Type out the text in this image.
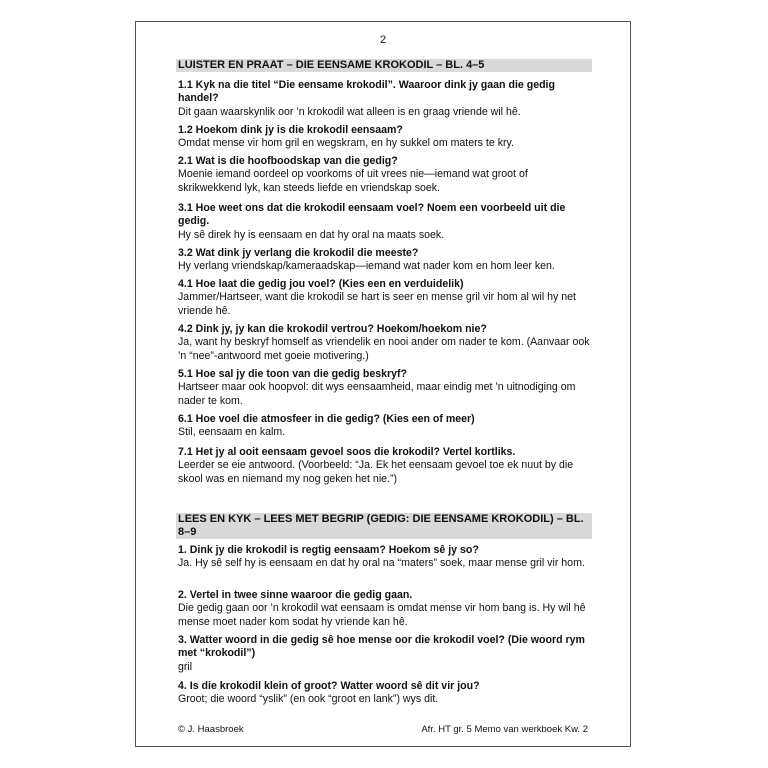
2
LUISTER EN PRAAT – DIE EENSAME KROKODIL – BL. 4–5
1.1 Kyk na die titel “Die eensame krokodil”. Waaroor dink jy gaan die gedig handel?
Dit gaan waarskynlik oor ’n krokodil wat alleen is en graag vriende wil hê.
1.2 Hoekom dink jy is die krokodil eensaam?
Omdat mense vir hom gril en wegskram, en hy sukkel om maters te kry.
2.1 Wat is die hoofboodskap van die gedig?
Moenie iemand oordeel op voorkoms of uit vrees nie—iemand wat groot of skrikwekkend lyk, kan steeds liefde en vriendskap soek.
3.1 Hoe weet ons dat die krokodil eensaam voel? Noem een voorbeeld uit die gedig.
Hy sê direk hy is eensaam en dat hy oral na maats soek.
3.2 Wat dink jy verlang die krokodil die meeste?
Hy verlang vriendskap/kameraadskap—iemand wat nader kom en hom leer ken.
4.1 Hoe laat die gedig jou voel? (Kies een en verduidelik)
Jammer/Hartseer, want die krokodil se hart is seer en mense gril vir hom al wil hy net vriende hê.
4.2 Dink jy, jy kan die krokodil vertrou? Hoekom/hoekom nie?
Ja, want hy beskryf homself as vriendelik en nooi ander om nader te kom. (Aanvaar ook ’n “nee”-antwoord met goeie motivering.)
5.1 Hoe sal jy die toon van die gedig beskryf?
Hartseer maar ook hoopvol: dit wys eensaamheid, maar eindig met ’n uitnodiging om nader te kom.
6.1 Hoe voel die atmosfeer in die gedig? (Kies een of meer)
Stil, eensaam en kalm.
7.1 Het jy al ooit eensaam gevoel soos die krokodil? Vertel kortliks.
Leerder se eie antwoord. (Voorbeeld: “Ja. Ek het eensaam gevoel toe ek nuut by die skool was en niemand my nog geken het nie.”)
LEES EN KYK – LEES MET BEGRIP (GEDIG: DIE EENSAME KROKODIL) – BL. 8–9
1. Dink jy die krokodil is regtig eensaam? Hoekom sê jy so?
Ja. Hy sê self hy is eensaam en dat hy oral na “maters” soek, maar mense gril vir hom.
2. Vertel in twee sinne waaroor die gedig gaan.
Die gedig gaan oor ’n krokodil wat eensaam is omdat mense vir hom bang is. Hy wil hê mense moet nader kom sodat hy vriende kan hê.
3. Watter woord in die gedig sê hoe mense oor die krokodil voel? (Die woord rym met “krokodil”)
gril
4. Is die krokodil klein of groot? Watter woord sê dit vir jou?
Groot; die woord “yslik” (en ook “groot en lank”) wys dit.
© J. Haasbroek	Afr. HT gr. 5 Memo van werkboek Kw. 2
